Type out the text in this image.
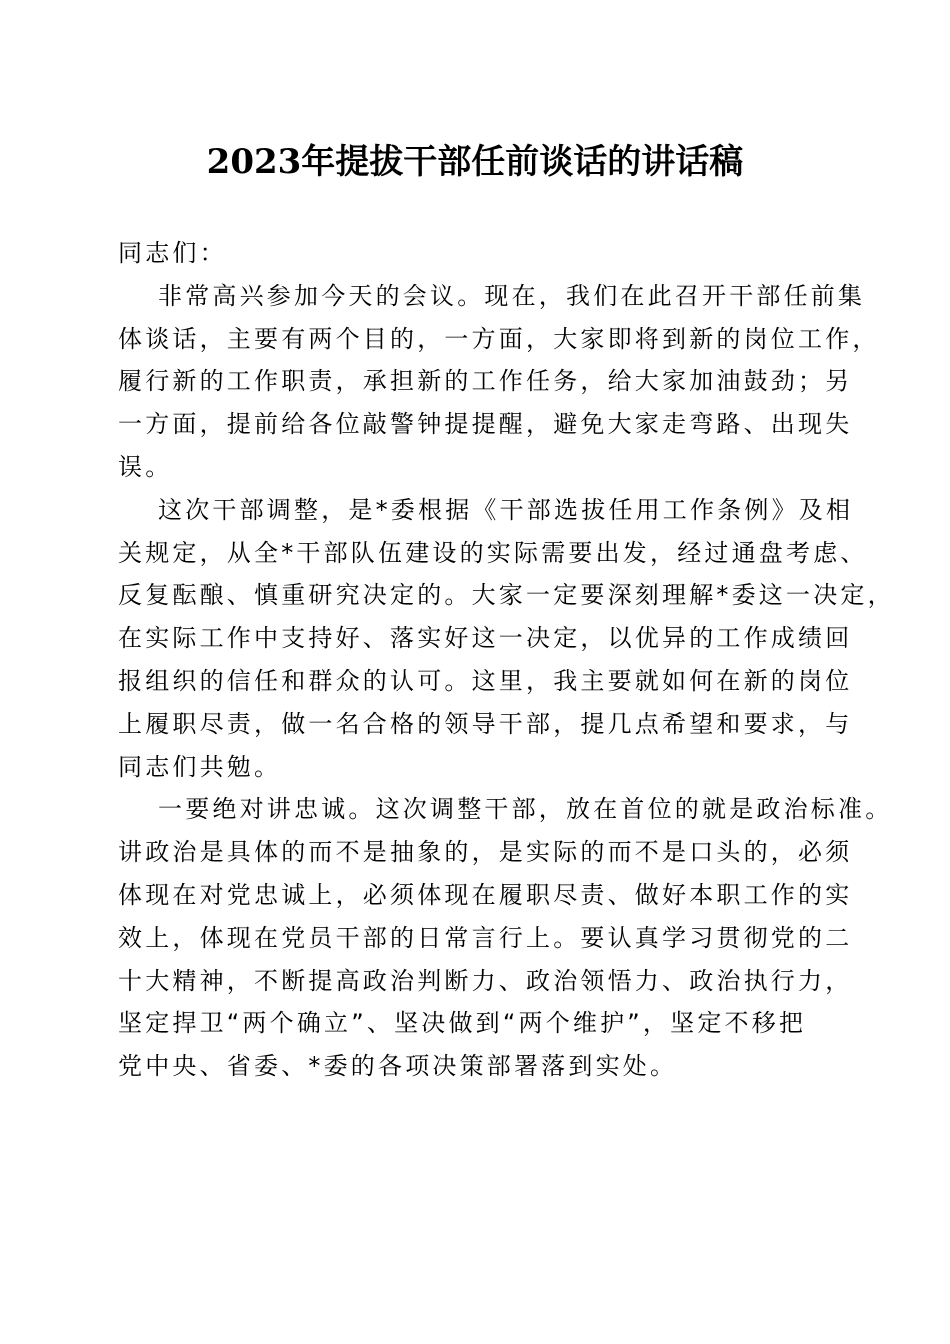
2023年提拔干部任前谈话的讲话稿
同志们：
非常高兴参加今天的会议。现在，我们在此召开干部任前集
体谈话，主要有两个目的，一方面，大家即将到新的岗位工作，
履行新的工作职责，承担新的工作任务，给大家加油鼓劲；另
一方面，提前给各位敲警钟提提醒，避免大家走弯路、出现失
误。
这次干部调整，是*委根据《干部选拔任用工作条例》及相
关规定，从全*干部队伍建设的实际需要出发，经过通盘考虑、
反复酝酿、慎重研究决定的。大家一定要深刻理解*委这一决定，
在实际工作中支持好、落实好这一决定，以优异的工作成绩回
报组织的信任和群众的认可。这里，我主要就如何在新的岗位
上履职尽责，做一名合格的领导干部，提几点希望和要求，与
同志们共勉。
一要绝对讲忠诚。这次调整干部，放在首位的就是政治标准。
讲政治是具体的而不是抽象的，是实际的而不是口头的，必须
体现在对党忠诚上，必须体现在履职尽责、做好本职工作的实
效上，体现在党员干部的日常言行上。要认真学习贯彻党的二
十大精神，不断提高政治判断力、政治领悟力、政治执行力，
坚定捍卫“两个确立”、坚决做到“两个维护”，坚定不移把
党中央、省委、*委的各项决策部署落到实处。
